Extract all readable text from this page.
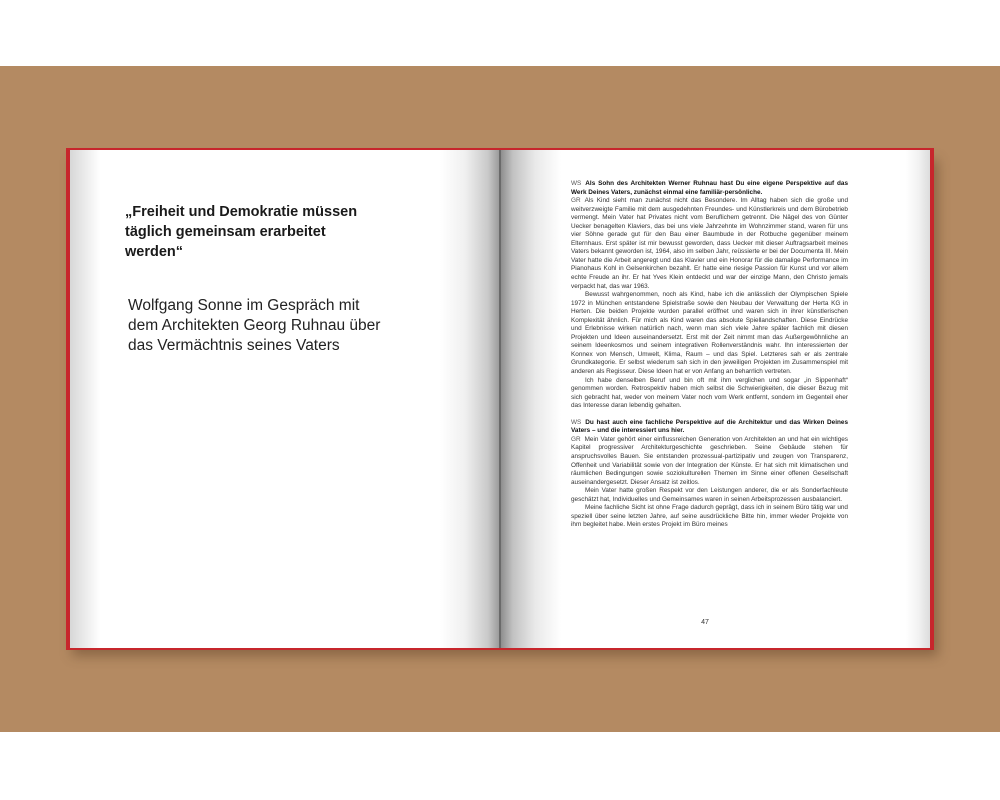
„Freiheit und Demokratie müssen täglich gemeinsam erarbeitet werden“

Wolfgang Sonne im Gespräch mit dem Architekten Georg Ruhnau über das Vermächtnis seines Vaters

WS Als Sohn des Architekten Werner Ruhnau hast Du eine eigene Perspektive auf das Werk Deines Vaters, zunächst einmal eine familiär-persönliche.

GR Als Kind sieht man zunächst nicht das Besondere. Im Alltag haben sich die große und weitverzweigte Familie mit dem ausgedehnten Freundes- und Künstlerkreis und dem Bürobetrieb vermengt. Mein Vater hat Privates nicht vom Beruflichem getrennt. Die Nägel des von Günter Uecker benagelten Klaviers, das bei uns viele Jahrzehnte im Wohnzimmer stand, waren für uns vier Söhne gerade gut für den Bau einer Baumbude in der Rotbuche gegenüber meinem Elternhaus. Erst später ist mir bewusst geworden, dass Uecker mit dieser Auftragsarbeit meines Vaters bekannt geworden ist, 1964, also im selben Jahr, reüssierte er bei der Documenta III. Mein Vater hatte die Arbeit angeregt und das Klavier und ein Honorar für die damalige Performance im Pianohaus Kohl in Gelsenkirchen bezahlt. Er hatte eine riesige Passion für Kunst und vor allem echte Freude an ihr. Er hat Yves Klein entdeckt und war der einzige Mann, den Christo jemals verpackt hat, das war 1963.

Bewusst wahrgenommen, noch als Kind, habe ich die anlässlich der Olympischen Spiele 1972 in München entstandene Spielstraße sowie den Neubau der Verwaltung der Herta KG in Herten. Die beiden Projekte wurden parallel eröffnet und waren sich in ihrer künstlerischen Komplexität ähnlich. Für mich als Kind waren das absolute Spiellandschaften. Diese Eindrücke und Erlebnisse wirken natürlich nach, wenn man sich viele Jahre später fachlich mit diesen Projekten und Ideen auseinandersetzt. Erst mit der Zeit nimmt man das Außergewöhnliche an seinem Ideenkosmos und seinem integrativen Rollenverständnis wahr. Ihn interessierten der Konnex von Mensch, Umwelt, Klima, Raum – und das Spiel. Letzteres sah er als zentrale Grundkategorie. Er selbst wiederum sah sich in den jeweiligen Projekten im Zusammenspiel mit anderen als Regisseur. Diese Ideen hat er von Anfang an beharrlich vertreten.

Ich habe denselben Beruf und bin oft mit ihm verglichen und sogar „in Sippenhaft“ genommen worden. Retrospektiv haben mich selbst die Schwierigkeiten, die dieser Bezug mit sich gebracht hat, weder von meinem Vater noch vom Werk entfernt, sondern im Gegenteil eher das Interesse daran lebendig gehalten.

WS Du hast auch eine fachliche Perspektive auf die Architektur und das Wirken Deines Vaters – und die interessiert uns hier.

GR Mein Vater gehört einer einflussreichen Generation von Architekten an und hat ein wichtiges Kapitel progressiver Architekturgeschichte geschrieben. Seine Gebäude stehen für anspruchsvolles Bauen. Sie entstanden prozessual-partizipativ und zeugen von Transparenz, Offenheit und Variabilität sowie von der Integration der Künste. Er hat sich mit klimatischen und räumlichen Bedingungen sowie soziokulturellen Themen im Sinne einer offenen Gesellschaft auseinandergesetzt. Dieser Ansatz ist zeitlos.

Mein Vater hatte großen Respekt vor den Leistungen anderer, die er als Sonderfachleute geschätzt hat, Individuelles und Gemeinsames waren in seinen Arbeitsprozessen ausbalanciert.

Meine fachliche Sicht ist ohne Frage dadurch geprägt, dass ich in seinem Büro tätig war und speziell über seine letzten Jahre, auf seine ausdrückliche Bitte hin, immer wieder Projekte von ihm begleitet habe. Mein erstes Projekt im Büro meines

47
